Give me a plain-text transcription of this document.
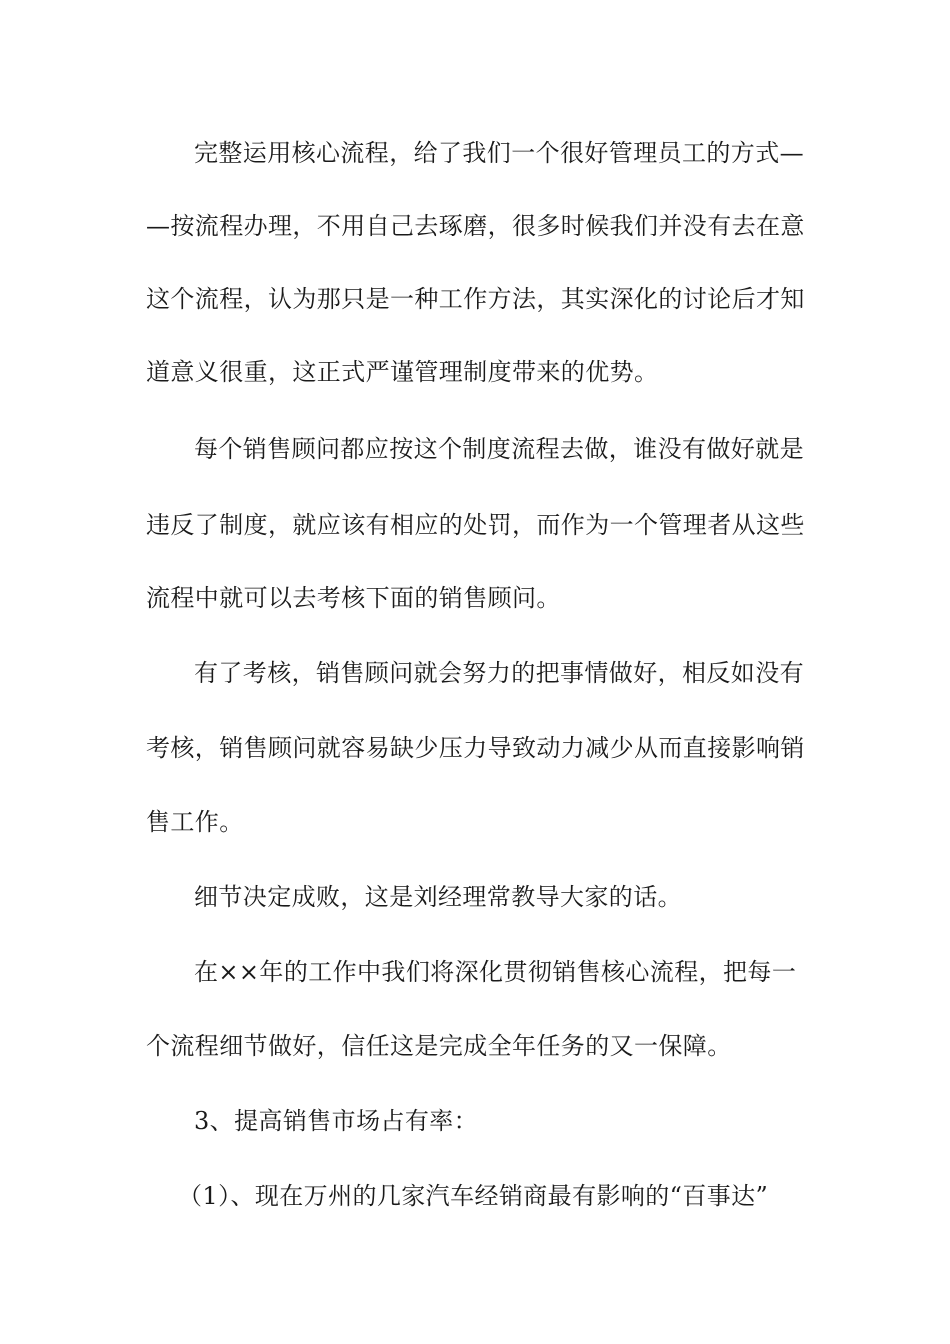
完整运用核心流程，给了我们一个很好管理员工的方式—
—按流程办理，不用自己去琢磨，很多时候我们并没有去在意
这个流程，认为那只是一种工作方法，其实深化的讨论后才知
道意义很重，这正式严谨管理制度带来的优势。
每个销售顾问都应按这个制度流程去做，谁没有做好就是
违反了制度，就应该有相应的处罚，而作为一个管理者从这些
流程中就可以去考核下面的销售顾问。
有了考核，销售顾问就会努力的把事情做好，相反如没有
考核，销售顾问就容易缺少压力导致动力减少从而直接影响销
售工作。
细节决定成败，这是刘经理常教导大家的话。
在××年的工作中我们将深化贯彻销售核心流程，把每一
个流程细节做好，信任这是完成全年任务的又一保障。
3、提高销售市场占有率：
（1）、现在万州的几家汽车经销商最有影响的“百事达”
